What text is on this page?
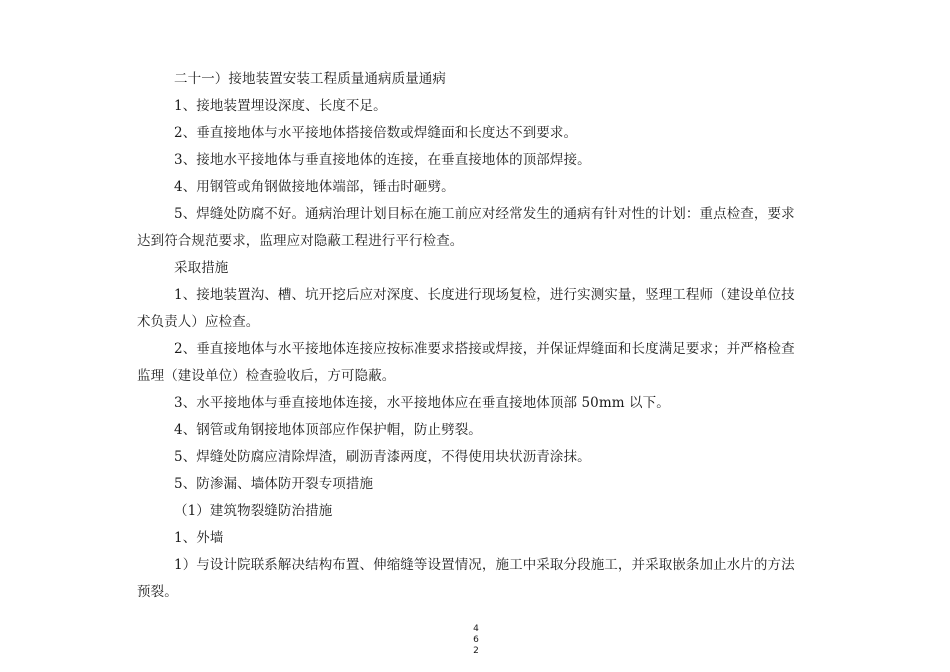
二十一）接地装置安装工程质量通病质量通病
1、接地装置埋设深度、长度不足。
2、垂直接地体与水平接地体搭接倍数或焊缝面和长度达不到要求。
3、接地水平接地体与垂直接地体的连接，在垂直接地体的顶部焊接。
4、用钢管或角钢做接地体端部，锤击时砸劈。
5、焊缝处防腐不好。通病治理计划目标在施工前应对经常发生的通病有针对性的计划：重点检查，要求
达到符合规范要求，监理应对隐蔽工程进行平行检查。
采取措施
1、接地装置沟、槽、坑开挖后应对深度、长度进行现场复检，进行实测实量，竖理工程师（建设单位技
术负责人）应检查。
2、垂直接地体与水平接地体连接应按标准要求搭接或焊接，并保证焊缝面和长度满足要求；并严格检查
监理（建设单位）检查验收后，方可隐蔽。
3、水平接地体与垂直接地体连接，水平接地体应在垂直接地体顶部 50mm 以下。
4、钢管或角钢接地体顶部应作保护帽，防止劈裂。
5、焊缝处防腐应清除焊渣，刷沥青漆两度，不得使用块状沥青涂抹。
5、防渗漏、墙体防开裂专项措施
（1）建筑物裂缝防治措施
1、外墙
1）与设计院联系解决结构布置、伸缩缝等设置情况，施工中采取分段施工，并采取嵌条加止水片的方法
预裂。
4
6
2
